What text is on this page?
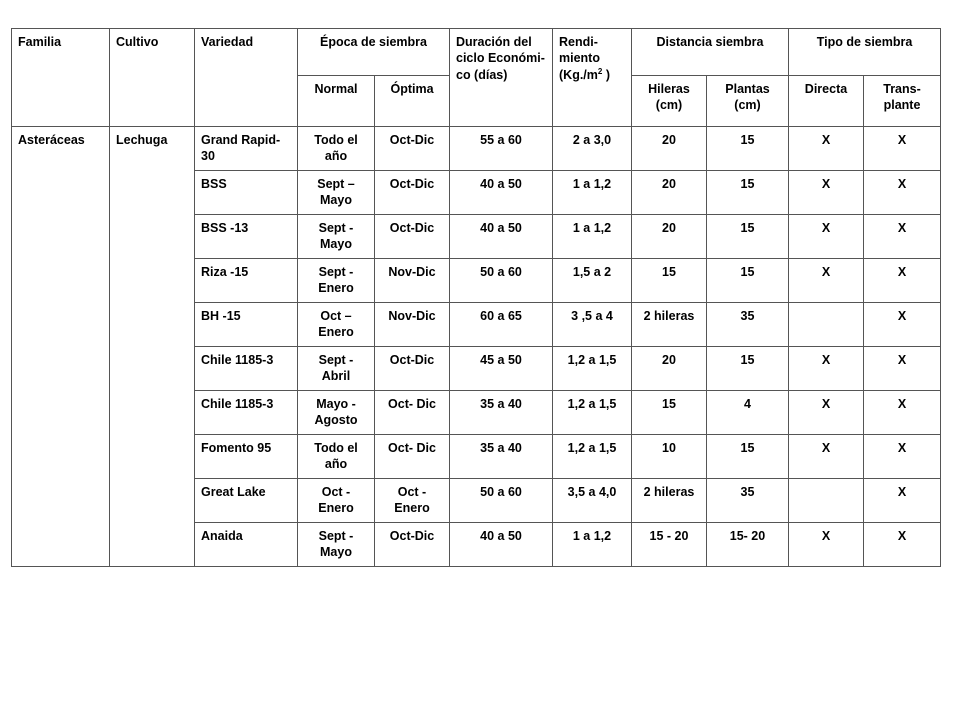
Familia	Cultivo	Variedad	Época de siembra		Duración del ciclo Económi- co (días)	Rendi- miento ($Kg./m^2$ )	Distancia siembra		Tipo de siembra	
			Normal	Óptima			Hileras (cm)	Plantas (cm)	Directa	Trans- plante
Asteráceas	Lechuga	Grand Rapid-30	Todo el año	Oct-Dic	55 a 60	2 a 3,0	20	15	X	X
		BSS	Sept – Mayo	Oct-Dic	40 a 50	1 a 1,2	20	15	X	X
		BSS -13	Sept - Mayo	Oct-Dic	40 a 50	1 a 1,2	20	15	X	X
		Riza -15	Sept - Enero	Nov-Dic	50 a 60	1,5 a 2	15	15	X	X
		BH -15	Oct – Enero	Nov-Dic	60 a 65	3 ,5 a 4	2 hileras	35		X
		Chile 1185-3	Sept - Abril	Oct-Dic	45 a 50	1,2 a 1,5	20	15	X	X
		Chile 1185-3	Mayo - Agosto	Oct- Dic	35 a 40	1,2 a 1,5	15	4	X	X
		Fomento 95	Todo el año	Oct- Dic	35 a 40	1,2 a 1,5	10	15	X	X
		Great Lake	Oct - Enero	Oct - Enero	50 a 60	3,5 a 4,0	2 hileras	35		X
		Anaida	Sept - Mayo	Oct-Dic	40 a 50	1 a 1,2	15 - 20	15- 20	X	X
